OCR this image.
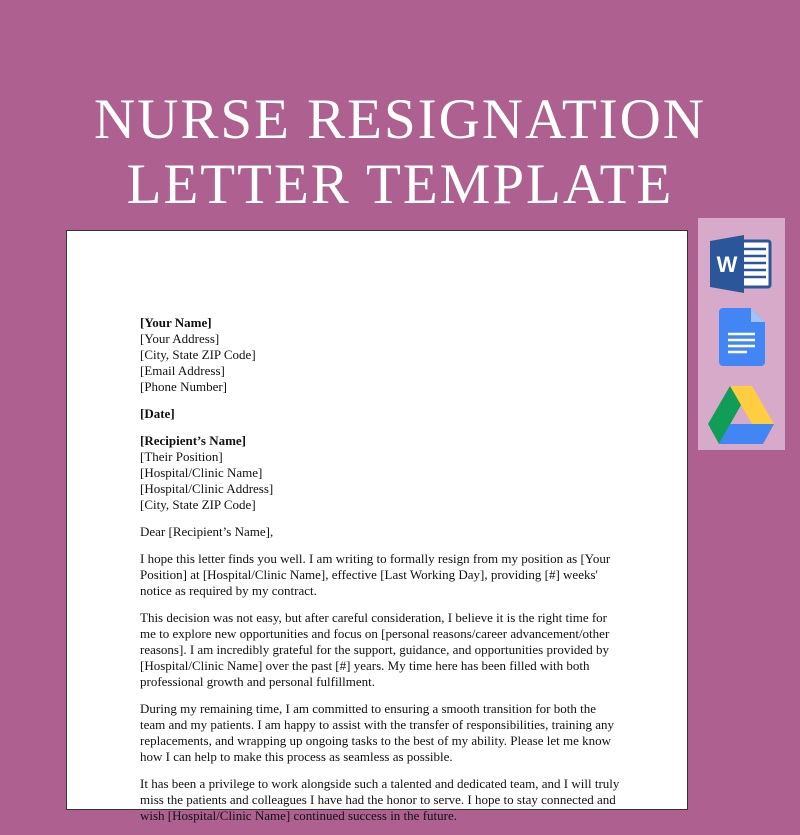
NURSE RESIGNATION
LETTER TEMPLATE

[Your Name]
[Your Address]
[City, State ZIP Code]
[Email Address]
[Phone Number]

[Date]

[Recipient’s Name]
[Their Position]
[Hospital/Clinic Name]
[Hospital/Clinic Address]
[City, State ZIP Code]

Dear [Recipient’s Name],

I hope this letter finds you well. I am writing to formally resign from my position as [Your Position] at [Hospital/Clinic Name], effective [Last Working Day], providing [#] weeks' notice as required by my contract.

This decision was not easy, but after careful consideration, I believe it is the right time for me to explore new opportunities and focus on [personal reasons/career advancement/other reasons]. I am incredibly grateful for the support, guidance, and opportunities provided by [Hospital/Clinic Name] over the past [#] years. My time here has been filled with both professional growth and personal fulfillment.

During my remaining time, I am committed to ensuring a smooth transition for both the team and my patients. I am happy to assist with the transfer of responsibilities, training any replacements, and wrapping up ongoing tasks to the best of my ability. Please let me know how I can help to make this process as seamless as possible.

It has been a privilege to work alongside such a talented and dedicated team, and I will truly miss the patients and colleagues I have had the honor to serve. I hope to stay connected and wish [Hospital/Clinic Name] continued success in the future.

W
